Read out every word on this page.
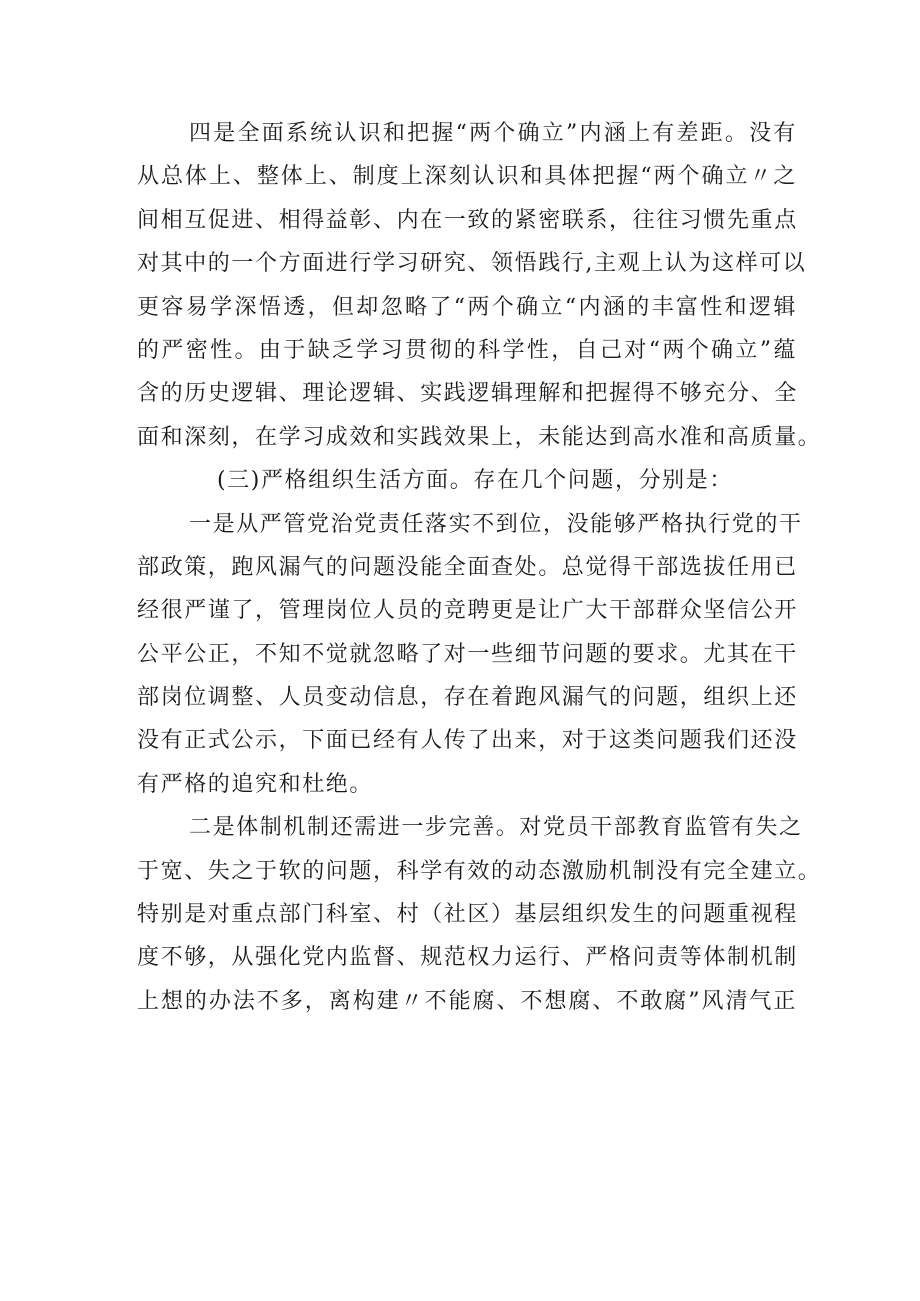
四是全面系统认识和把握“两个确立”内涵上有差距。没有
从总体上、整体上、制度上深刻认识和具体把握“两个确立〃之
间相互促进、相得益彰、内在一致的紧密联系，往往习惯先重点
对其中的一个方面进行学习研究、领悟践行,主观上认为这样可以
更容易学深悟透，但却忽略了“两个确立“内涵的丰富性和逻辑
的严密性。由于缺乏学习贯彻的科学性，自己对“两个确立”蕴
含的历史逻辑、理论逻辑、实践逻辑理解和把握得不够充分、全
面和深刻，在学习成效和实践效果上，未能达到高水准和高质量。
(三)严格组织生活方面。存在几个问题，分别是：
一是从严管党治党责任落实不到位，没能够严格执行党的干
部政策，跑风漏气的问题没能全面查处。总觉得干部选拔任用已
经很严谨了，管理岗位人员的竞聘更是让广大干部群众坚信公开
公平公正，不知不觉就忽略了对一些细节问题的要求。尤其在干
部岗位调整、人员变动信息，存在着跑风漏气的问题，组织上还
没有正式公示，下面已经有人传了出来，对于这类问题我们还没
有严格的追究和杜绝。
二是体制机制还需进一步完善。对党员干部教育监管有失之
于宽、失之于软的问题，科学有效的动态激励机制没有完全建立。
特别是对重点部门科室、村（社区）基层组织发生的问题重视程
度不够，从强化党内监督、规范权力运行、严格问责等体制机制
上想的办法不多，离构建〃不能腐、不想腐、不敢腐”风清气正
